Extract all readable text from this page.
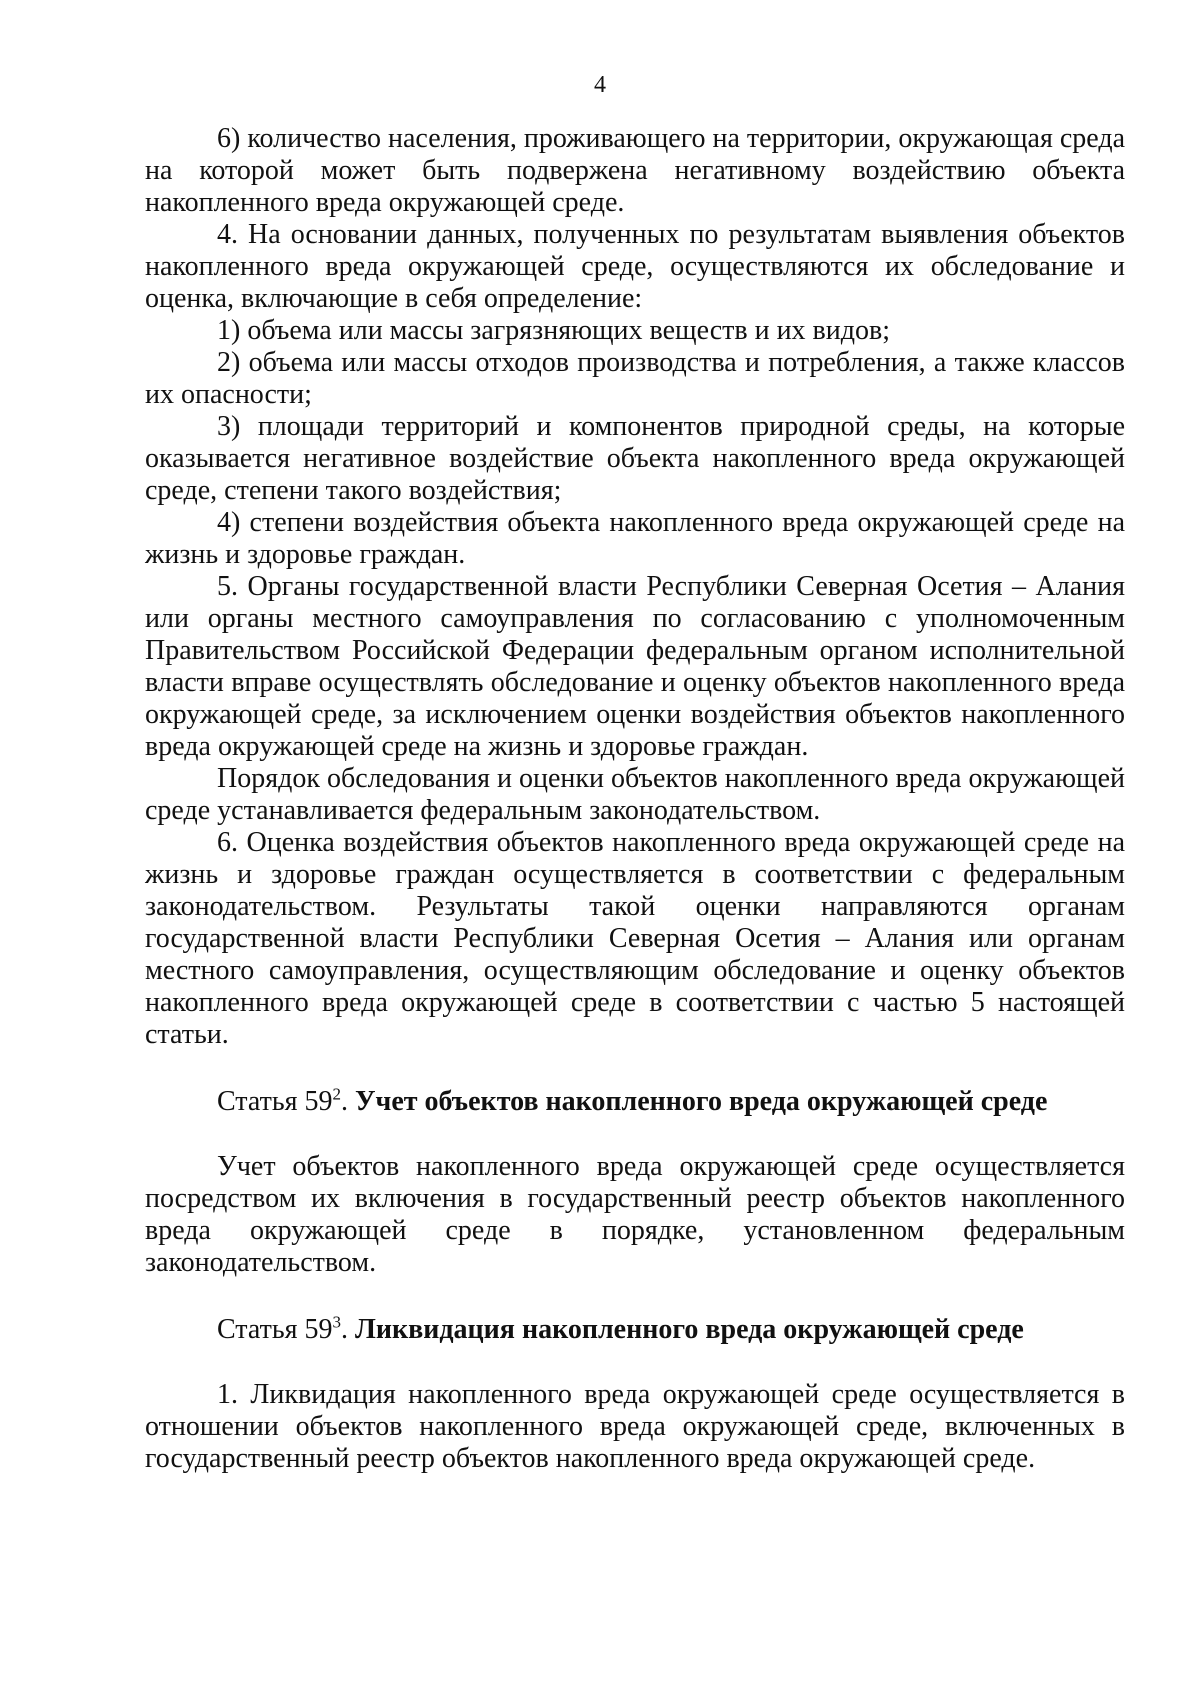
4

6) количество населения, проживающего на территории, окружающая среда на которой может быть подвержена негативному воздействию объекта накопленного вреда окружающей среде.

4. На основании данных, полученных по результатам выявления объектов накопленного вреда окружающей среде, осуществляются их обследование и оценка, включающие в себя определение:

1) объема или массы загрязняющих веществ и их видов;

2) объема или массы отходов производства и потребления, а также классов их опасности;

3) площади территорий и компонентов природной среды, на которые оказывается негативное воздействие объекта накопленного вреда окружающей среде, степени такого воздействия;

4) степени воздействия объекта накопленного вреда окружающей среде на жизнь и здоровье граждан.

5. Органы государственной власти Республики Северная Осетия – Алания или органы местного самоуправления по согласованию с уполномоченным Правительством Российской Федерации федеральным органом исполнительной власти вправе осуществлять обследование и оценку объектов накопленного вреда окружающей среде, за исключением оценки воздействия объектов накопленного вреда окружающей среде на жизнь и здоровье граждан.

Порядок обследования и оценки объектов накопленного вреда окружающей среде устанавливается федеральным законодательством.

6. Оценка воздействия объектов накопленного вреда окружающей среде на жизнь и здоровье граждан осуществляется в соответствии с федеральным законодательством. Результаты такой оценки направляются органам государственной власти Республики Северная Осетия – Алания или органам местного самоуправления, осуществляющим обследование и оценку объектов накопленного вреда окружающей среде в соответствии с частью 5 настоящей статьи.

Статья $59^2$. Учет объектов накопленного вреда окружающей среде

Учет объектов накопленного вреда окружающей среде осуществляется посредством их включения в государственный реестр объектов накопленного вреда окружающей среде в порядке, установленном федеральным законодательством.

Статья $59^3$. Ликвидация накопленного вреда окружающей среде

1. Ликвидация накопленного вреда окружающей среде осуществляется в отношении объектов накопленного вреда окружающей среде, включенных в государственный реестр объектов накопленного вреда окружающей среде.
